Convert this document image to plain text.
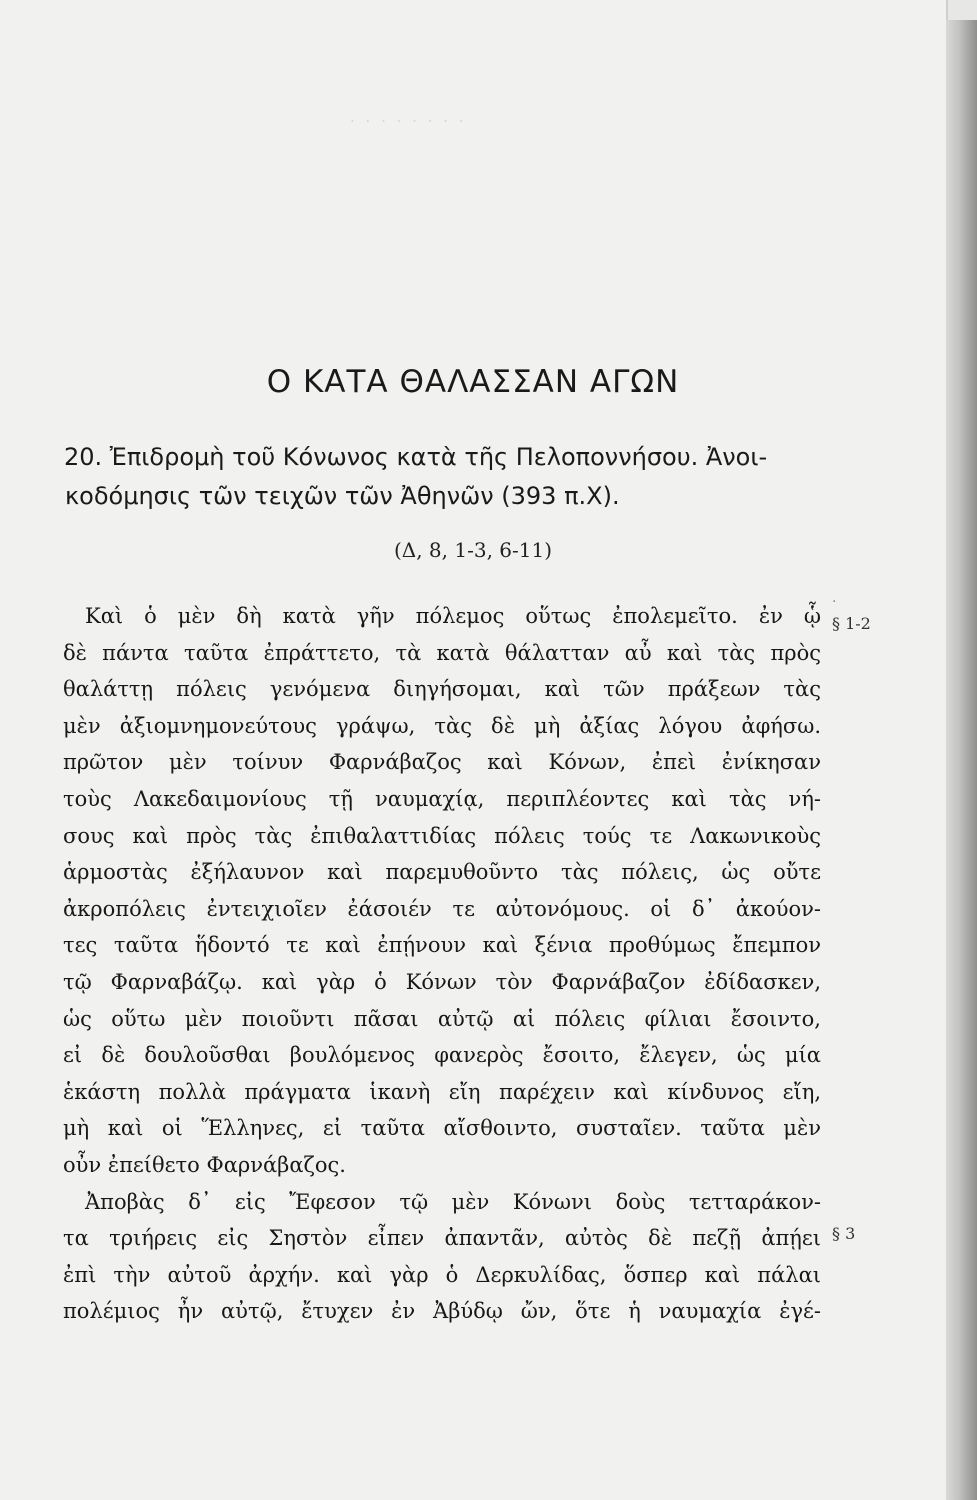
· · · · · · · ·
Ο ΚΑΤΑ ΘΑΛΑΣΣΑΝ ΑΓΩΝ
20. Ἐπιδρομὴ τοῦ Κόνωνος κατὰ τῆς Πελοποννήσου. Ἀνοι-
κοδόμησις τῶν τειχῶν τῶν Ἀθηνῶν (393 π.Χ).
(Δ, 8, 1-3, 6-11)
Καὶ ὁ μὲν δὴ κατὰ γῆν πόλεμος οὕτως ἐπολεμεῖτο. ἐν ᾧ
δὲ πάντα ταῦτα ἐπράττετο, τὰ κατὰ θάλατταν αὖ καὶ τὰς πρὸς
θαλάττῃ πόλεις γενόμενα διηγήσομαι, καὶ τῶν πράξεων τὰς
μὲν ἀξιομνημονεύτους γράψω, τὰς δὲ μὴ ἀξίας λόγου ἀφήσω.
πρῶτον μὲν τοίνυν Φαρνάβαζος καὶ Κόνων, ἐπεὶ ἐνίκησαν
τοὺς Λακεδαιμονίους τῇ ναυμαχίᾳ, περιπλέοντες καὶ τὰς νή-
σους καὶ πρὸς τὰς ἐπιθαλαττιδίας πόλεις τούς τε Λακωνικοὺς
ἁρμοστὰς ἐξήλαυνον καὶ παρεμυθοῦντο τὰς πόλεις, ὡς οὔτε
ἀκροπόλεις ἐντειχιοῖεν ἐάσοιέν τε αὐτονόμους. οἱ δ᾽ ἀκούον-
τες ταῦτα ἥδοντό τε καὶ ἐπῄνουν καὶ ξένια προθύμως ἔπεμπον
τῷ Φαρναβάζῳ. καὶ γὰρ ὁ Κόνων τὸν Φαρνάβαζον ἐδίδασκεν,
ὡς οὕτω μὲν ποιοῦντι πᾶσαι αὐτῷ αἱ πόλεις φίλιαι ἔσοιντο,
εἰ δὲ δουλοῦσθαι βουλόμενος φανερὸς ἔσοιτο, ἔλεγεν, ὡς μία
ἑκάστη πολλὰ πράγματα ἱκανὴ εἴη παρέχειν καὶ κίνδυνος εἴη,
μὴ καὶ οἱ Ἕλληνες, εἰ ταῦτα αἴσθοιντο, συσταῖεν. ταῦτα μὲν
οὖν ἐπείθετο Φαρνάβαζος.
Ἀποβὰς δ᾽ εἰς Ἔφεσον τῷ μὲν Κόνωνι δοὺς τετταράκον-
τα τριήρεις εἰς Σηστὸν εἶπεν ἀπαντᾶν, αὐτὸς δὲ πεζῇ ἀπῄει
ἐπὶ τὴν αὐτοῦ ἀρχήν. καὶ γὰρ ὁ Δερκυλίδας, ὅσπερ καὶ πάλαι
πολέμιος ἦν αὐτῷ, ἔτυχεν ἐν Ἀβύδῳ ὤν, ὅτε ἡ ναυμαχία ἐγέ-
§ 1-2
§ 3
·
